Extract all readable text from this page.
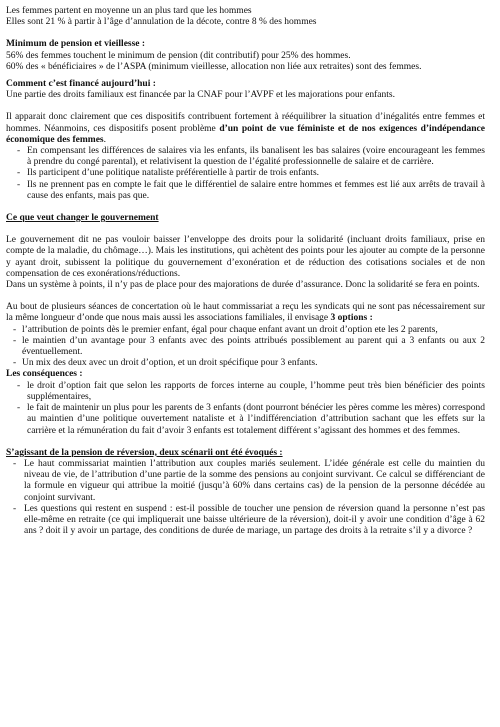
Les femmes partent en moyenne un an plus tard que les hommes

Elles sont 21 % à partir à l’âge d’annulation de la décote, contre 8 % des hommes

Minimum de pension et vieillesse :

56% des femmes touchent le minimum de pension (dit contributif) pour 25% des hommes.

60% des « bénéficiaires » de l’ASPA (minimum vieillesse, allocation non liée aux retraites) sont des femmes.

Comment c’est financé aujourd’hui :

Une partie des droits familiaux est financée par la CNAF pour l’AVPF et les majorations pour enfants.

Il apparait donc clairement que ces dispositifs contribuent fortement à rééquilibrer la situation d’inégalités entre femmes et hommes. Néanmoins, ces dispositifs posent problème d’un point de vue féministe et de nos exigences d’indépendance économique des femmes.

- En compensant les différences de salaires via les enfants, ils banalisent les bas salaires (voire encourageant les femmes à prendre du congé parental), et relativisent la question de l’égalité professionnelle de salaire et de carrière.
- Ils participent d’une politique nataliste préférentielle à partir de trois enfants.
- Ils ne prennent pas en compte le fait que le différentiel de salaire entre hommes et femmes est lié aux arrêts de travail à cause des enfants, mais pas que.

Ce que veut changer le gouvernement

Le gouvernement dit ne pas vouloir baisser l’enveloppe des droits pour la solidarité (incluant droits familiaux, prise en compte de la maladie, du chômage…). Mais les institutions, qui achètent des points pour les ajouter au compte de la personne y ayant droit, subissent la politique du gouvernement d’exonération et de réduction des cotisations sociales et de non compensation de ces exonérations/réductions.

Dans un système à points, il n’y pas de place pour des majorations de durée d’assurance. Donc la solidarité se fera en points.

Au bout de plusieurs séances de concertation où le haut commissariat a reçu les syndicats qui ne sont pas nécessairement sur la même longueur d’onde que nous mais aussi les associations familiales, il envisage 3 options :

- l’attribution de points dès le premier enfant, égal pour chaque enfant avant un droit d’option ete les 2 parents,
- le maintien d’un avantage pour 3 enfants avec des points attribués possiblement au parent qui a 3 enfants ou aux 2 éventuellement.
- Un mix des deux avec un droit d’option, et un droit spécifique pour 3 enfants.

Les conséquences :

- le droit d’option fait que selon les rapports de forces interne au couple, l’homme peut très bien bénéficier des points supplémentaires,
- le fait de maintenir un plus pour les parents de 3 enfants (dont pourront bénécier les pères comme les mères) correspond au maintien d’une politique ouvertement nataliste et à l’indifférenciation d’attribution sachant que les effets sur la carrière et la rémunération du fait d’avoir 3 enfants est totalement différent s’agissant des hommes et des femmes.

S’agissant de la pension de réversion, deux scénarii ont été évoqués :

- Le haut commissariat maintien l’attribution aux couples mariés seulement. L’idée générale est celle du maintien du niveau de vie, de l’attribution d’une partie de la somme des pensions au conjoint survivant. Ce calcul se différenciant de la formule en vigueur qui attribue la moitié (jusqu’à 60% dans certains cas) de la pension de la personne décédée au conjoint survivant.
- Les questions qui restent en suspend : est-il possible de toucher une pension de réversion quand la personne n’est pas elle-même en retraite (ce qui impliquerait une baisse ultérieure de la réversion), doit-il y avoir une condition d’âge à 62 ans ? doit il y avoir un partage, des conditions de durée de mariage, un partage des droits à la retraite s’il y a divorce ?
